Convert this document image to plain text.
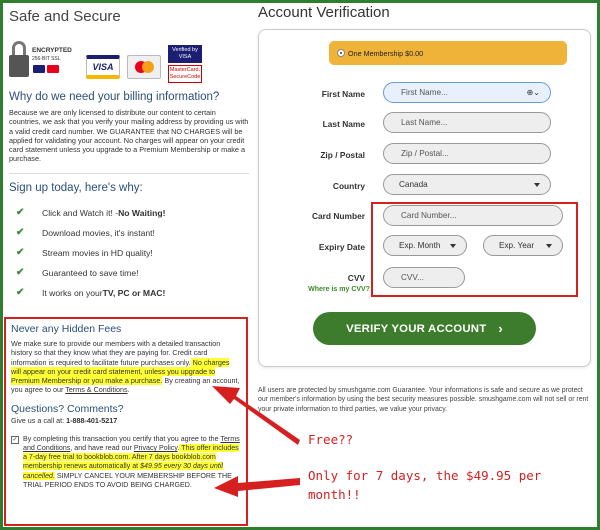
Safe and Secure
ENCRYPTED
256-BIT SSL
VISA
Verified by
VISA
MasterCard.
SecureCode
Why do we need your billing information?
Because we are only licensed to distribute our content to certain countries, we ask that you verify your mailing address by providing us with a valid credit card number. We GUARANTEE that NO CHARGES will be applied for validating your account. No charges will appear on your credit card statement unless you upgrade to a Premium Membership or make a purchase.
Sign up today, here's why:
✔	Click and Watch it! - No Waiting!
✔	Download movies, it's instant!
✔	Stream movies in HD quality!
✔	Guaranteed to save time!
✔	It works on your TV, PC or MAC!
Never any Hidden Fees
We make sure to provide our members with a detailed transaction history so that they know what they are paying for. Credit card information is required to facilitate future purchases only. No charges will appear on your credit card statement, unless you upgrade to Premium Membership or you make a purchase. By creating an account, you agree to our Terms & Conditions.
Questions? Comments?
Give us a call at: 1-888-401-5217
✓ By completing this transaction you certify that you agree to the Terms and Conditions, and have read our Privacy Policy This offer includes a 7-day free trial to bookblob.com. After 7 days bookblob.com membership renews automatically at $49.95 every 30 days until cancelled. SIMPLY CANCEL YOUR MEMBERSHIP BEFORE THE TRIAL PERIOD ENDS TO AVOID BEING CHARGED.
Account Verification
One Membership $0.00
First Name	First Name...	⊕⌄
Last Name	Last Name...
Zip / Postal	Zip / Postal...
Country	Canada
Card Number	Card Number...
Expiry Date	Exp. Month	Exp. Year
CVV	CVV...
Where is my CVV?
VERIFY YOUR ACCOUNT ›
All users are protected by smushgame.com Guarantee. Your informations is safe and secure as we protect our member's information by using the best security measures possible. smushgame.com will not sell or rent your private information to third parties, we value your privacy.
Free??
Only for 7 days, the $49.95 per month!!
